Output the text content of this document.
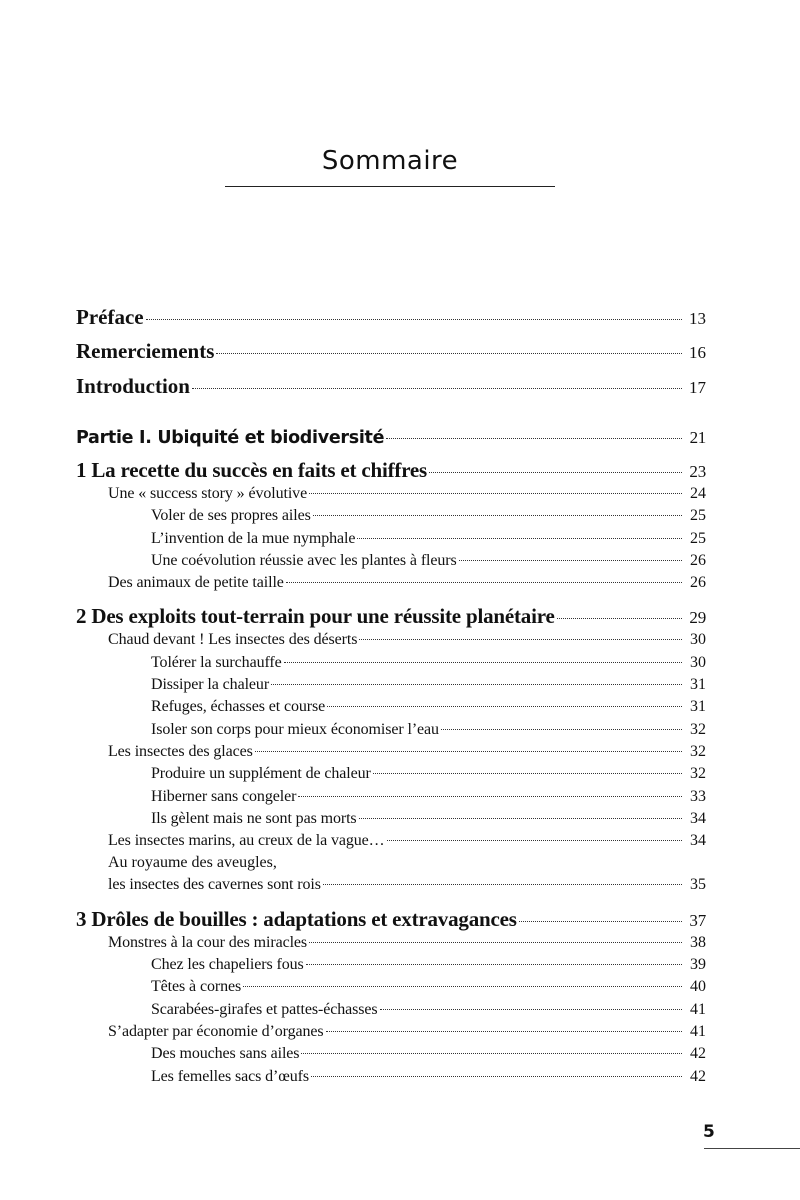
Sommaire
Préface	13
Remerciements	16
Introduction	17
Partie I. Ubiquité et biodiversité	21
1 La recette du succès en faits et chiffres	23
Une « success story » évolutive	24
Voler de ses propres ailes	25
L’invention de la mue nymphale	25
Une coévolution réussie avec les plantes à fleurs	26
Des animaux de petite taille	26
2 Des exploits tout-terrain pour une réussite planétaire	29
Chaud devant ! Les insectes des déserts	30
Tolérer la surchauffe	30
Dissiper la chaleur	31
Refuges, échasses et course	31
Isoler son corps pour mieux économiser l’eau	32
Les insectes des glaces	32
Produire un supplément de chaleur	32
Hiberner sans congeler	33
Ils gèlent mais ne sont pas morts	34
Les insectes marins, au creux de la vague…	34
Au royaume des aveugles,
les insectes des cavernes sont rois	35
3 Drôles de bouilles : adaptations et extravagances	37
Monstres à la cour des miracles	38
Chez les chapeliers fous	39
Têtes à cornes	40
Scarabées-girafes et pattes-échasses	41
S’adapter par économie d’organes	41
Des mouches sans ailes	42
Les femelles sacs d’œufs	42

5
